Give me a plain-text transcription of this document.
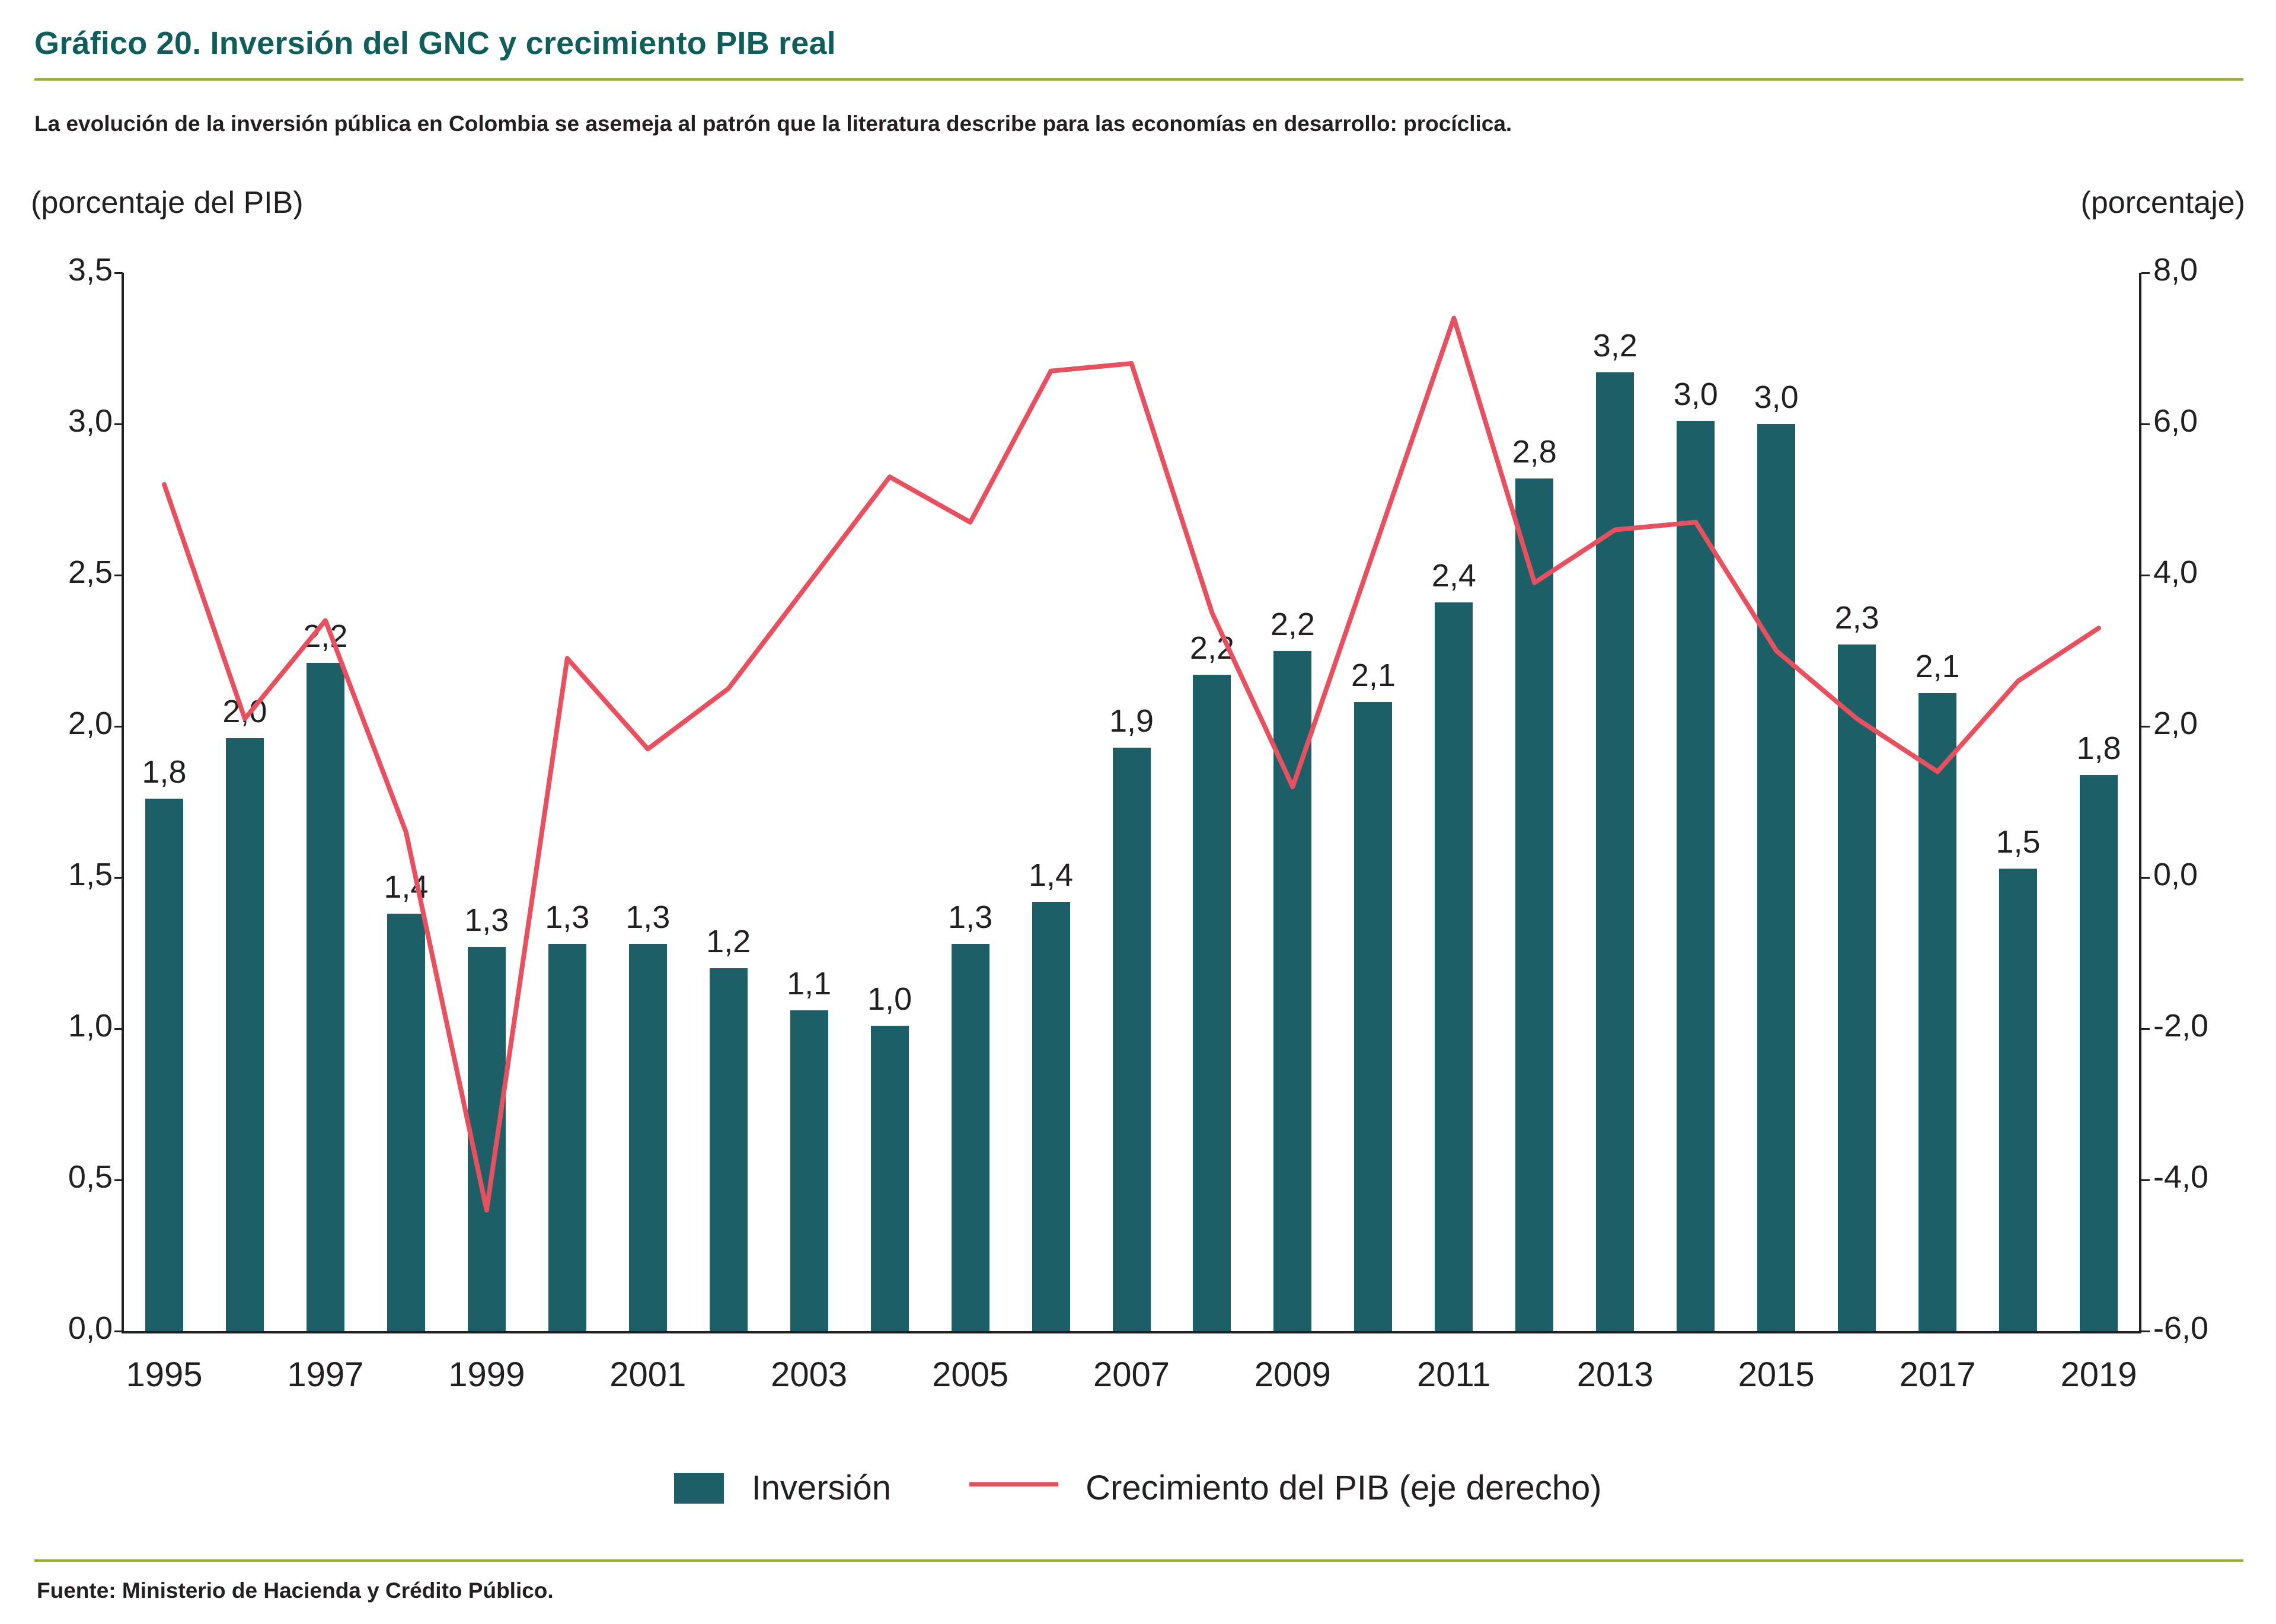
Gráfico 20. Inversión del GNC y crecimiento PIB real
La evolución de la inversión pública en Colombia se asemeja al patrón que la literatura describe para las economías en desarrollo: procíclica.
(porcentaje del PIB)	(porcentaje)
0,0
0,5
1,0
1,5
2,0
2,5
3,0
3,5
-6,0
-4,0
-2,0
0,0
2,0
4,0
6,0
8,0
1,8
2,0
2,2
1,4
1,3	1,3	1,3
1,2
1,1	1,0
1,3
1,4
1,9
2,2
2,2
2,1
2,4
2,8
3,2
3,0	3,0
2,3
2,1
1,5
1,8
1995	1997	1999	2001	2003	2005	2007	2009	2011	2013	2015	2017	2019
Inversión	Crecimiento del PIB (eje derecho)
Fuente: Ministerio de Hacienda y Crédito Público.
